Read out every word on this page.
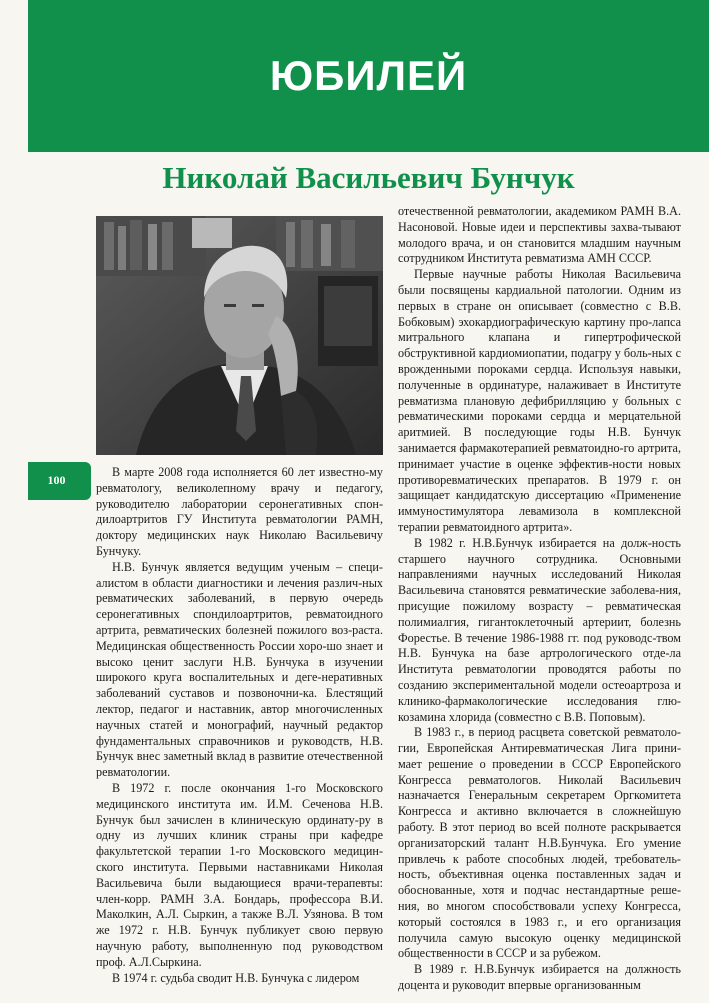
ЮБИЛЕЙ
Николай Васильевич Бунчук
100

В марте 2008 года исполняется 60 лет известно-му ревматологу, великолепному врачу и педагогу, руководителю лаборатории серонегативных спон-дилоартритов ГУ Института ревматологии РАМН, доктору медицинских наук Николаю Васильевичу Бунчуку.

Н.В. Бунчук является ведущим ученым – специ-алистом в области диагностики и лечения различ-ных ревматических заболеваний, в первую очередь серонегативных спондилоартритов, ревматоидного артрита, ревматических болезней пожилого воз-раста. Медицинская общественность России хоро-шо знает и высоко ценит заслуги Н.В. Бунчука в изучении широкого круга воспалительных и деге-неративных заболеваний суставов и позвоночни-ка. Блестящий лектор, педагог и наставник, автор многочисленных научных статей и монографий, научный редактор фундаментальных справочников и руководств, Н.В. Бунчук внес заметный вклад в развитие отечественной ревматологии.

В 1972 г. после окончания 1-го Московского медицинского института им. И.М. Сеченова Н.В. Бунчук был зачислен в клиническую ординату-ру в одну из лучших клиник страны при кафедре факультетской терапии 1-го Московского медицин-ского института. Первыми наставниками Николая Васильевича были выдающиеся врачи-терапевты: член-корр. РАМН З.А. Бондарь, профессора В.И. Маколкин, А.Л. Сыркин, а также В.Л. Узянова. В том же 1972 г. Н.В. Бунчук публикует свою первую научную работу, выполненную под руководством проф. А.Л.Сыркина.

В 1974 г. судьба сводит Н.В. Бунчука с лидером

отечественной ревматологии, академиком РАМН В.А. Насоновой. Новые идеи и перспективы захва-тывают молодого врача, и он становится младшим научным сотрудником Института ревматизма АМН СССР.

Первые научные работы Николая Васильевича были посвящены кардиальной патологии. Одним из первых в стране он описывает (совместно с В.В. Бобковым) эхокардиографическую картину про-лапса митрального клапана и гипертрофической обструктивной кардиомиопатии, подагру у боль-ных с врожденными пороками сердца. Используя навыки, полученные в ординатуре, налаживает в Институте ревматизма плановую дефибрилляцию у больных с ревматическими пороками сердца и мерцательной аритмией. В последующие годы Н.В. Бунчук занимается фармакотерапией ревматоидно-го артрита, принимает участие в оценке эффектив-ности новых противоревматических препаратов. В 1979 г. он защищает кандидатскую диссертацию «Применение иммуностимулятора левамизола в комплексной терапии ревматоидного артрита».

В 1982 г. Н.В.Бунчук избирается на долж-ность старшего научного сотрудника. Основными направлениями научных исследований Николая Васильевича становятся ревматические заболева-ния, присущие пожилому возрасту – ревматическая полимиалгия, гигантоклеточный артериит, болезнь Форестье. В течение 1986-1988 гг. под руководс-твом Н.В. Бунчука на базе артрологического отде-ла Института ревматологии проводятся работы по созданию экспериментальной модели остеоартроза и клинико-фармакологические исследования глю-козамина хлорида (совместно с В.В. Поповым).

В 1983 г., в период расцвета советской ревматоло-гии, Европейская Антиревматическая Лига прини-мает решение о проведении в СССР Европейского Конгресса ревматологов. Николай Васильевич назначается Генеральным секретарем Оргкомитета Конгресса и активно включается в сложнейшую работу. В этот период во всей полноте раскрывается организаторский талант Н.В.Бунчука. Его умение привлечь к работе способных людей, требователь-ность, объективная оценка поставленных задач и обоснованные, хотя и подчас нестандартные реше-ния, во многом способствовали успеху Конгресса, который состоялся в 1983 г., и его организация получила самую высокую оценку медицинской общественности в СССР и за рубежом.

В 1989 г. Н.В.Бунчук избирается на должность доцента и руководит впервые организованным
